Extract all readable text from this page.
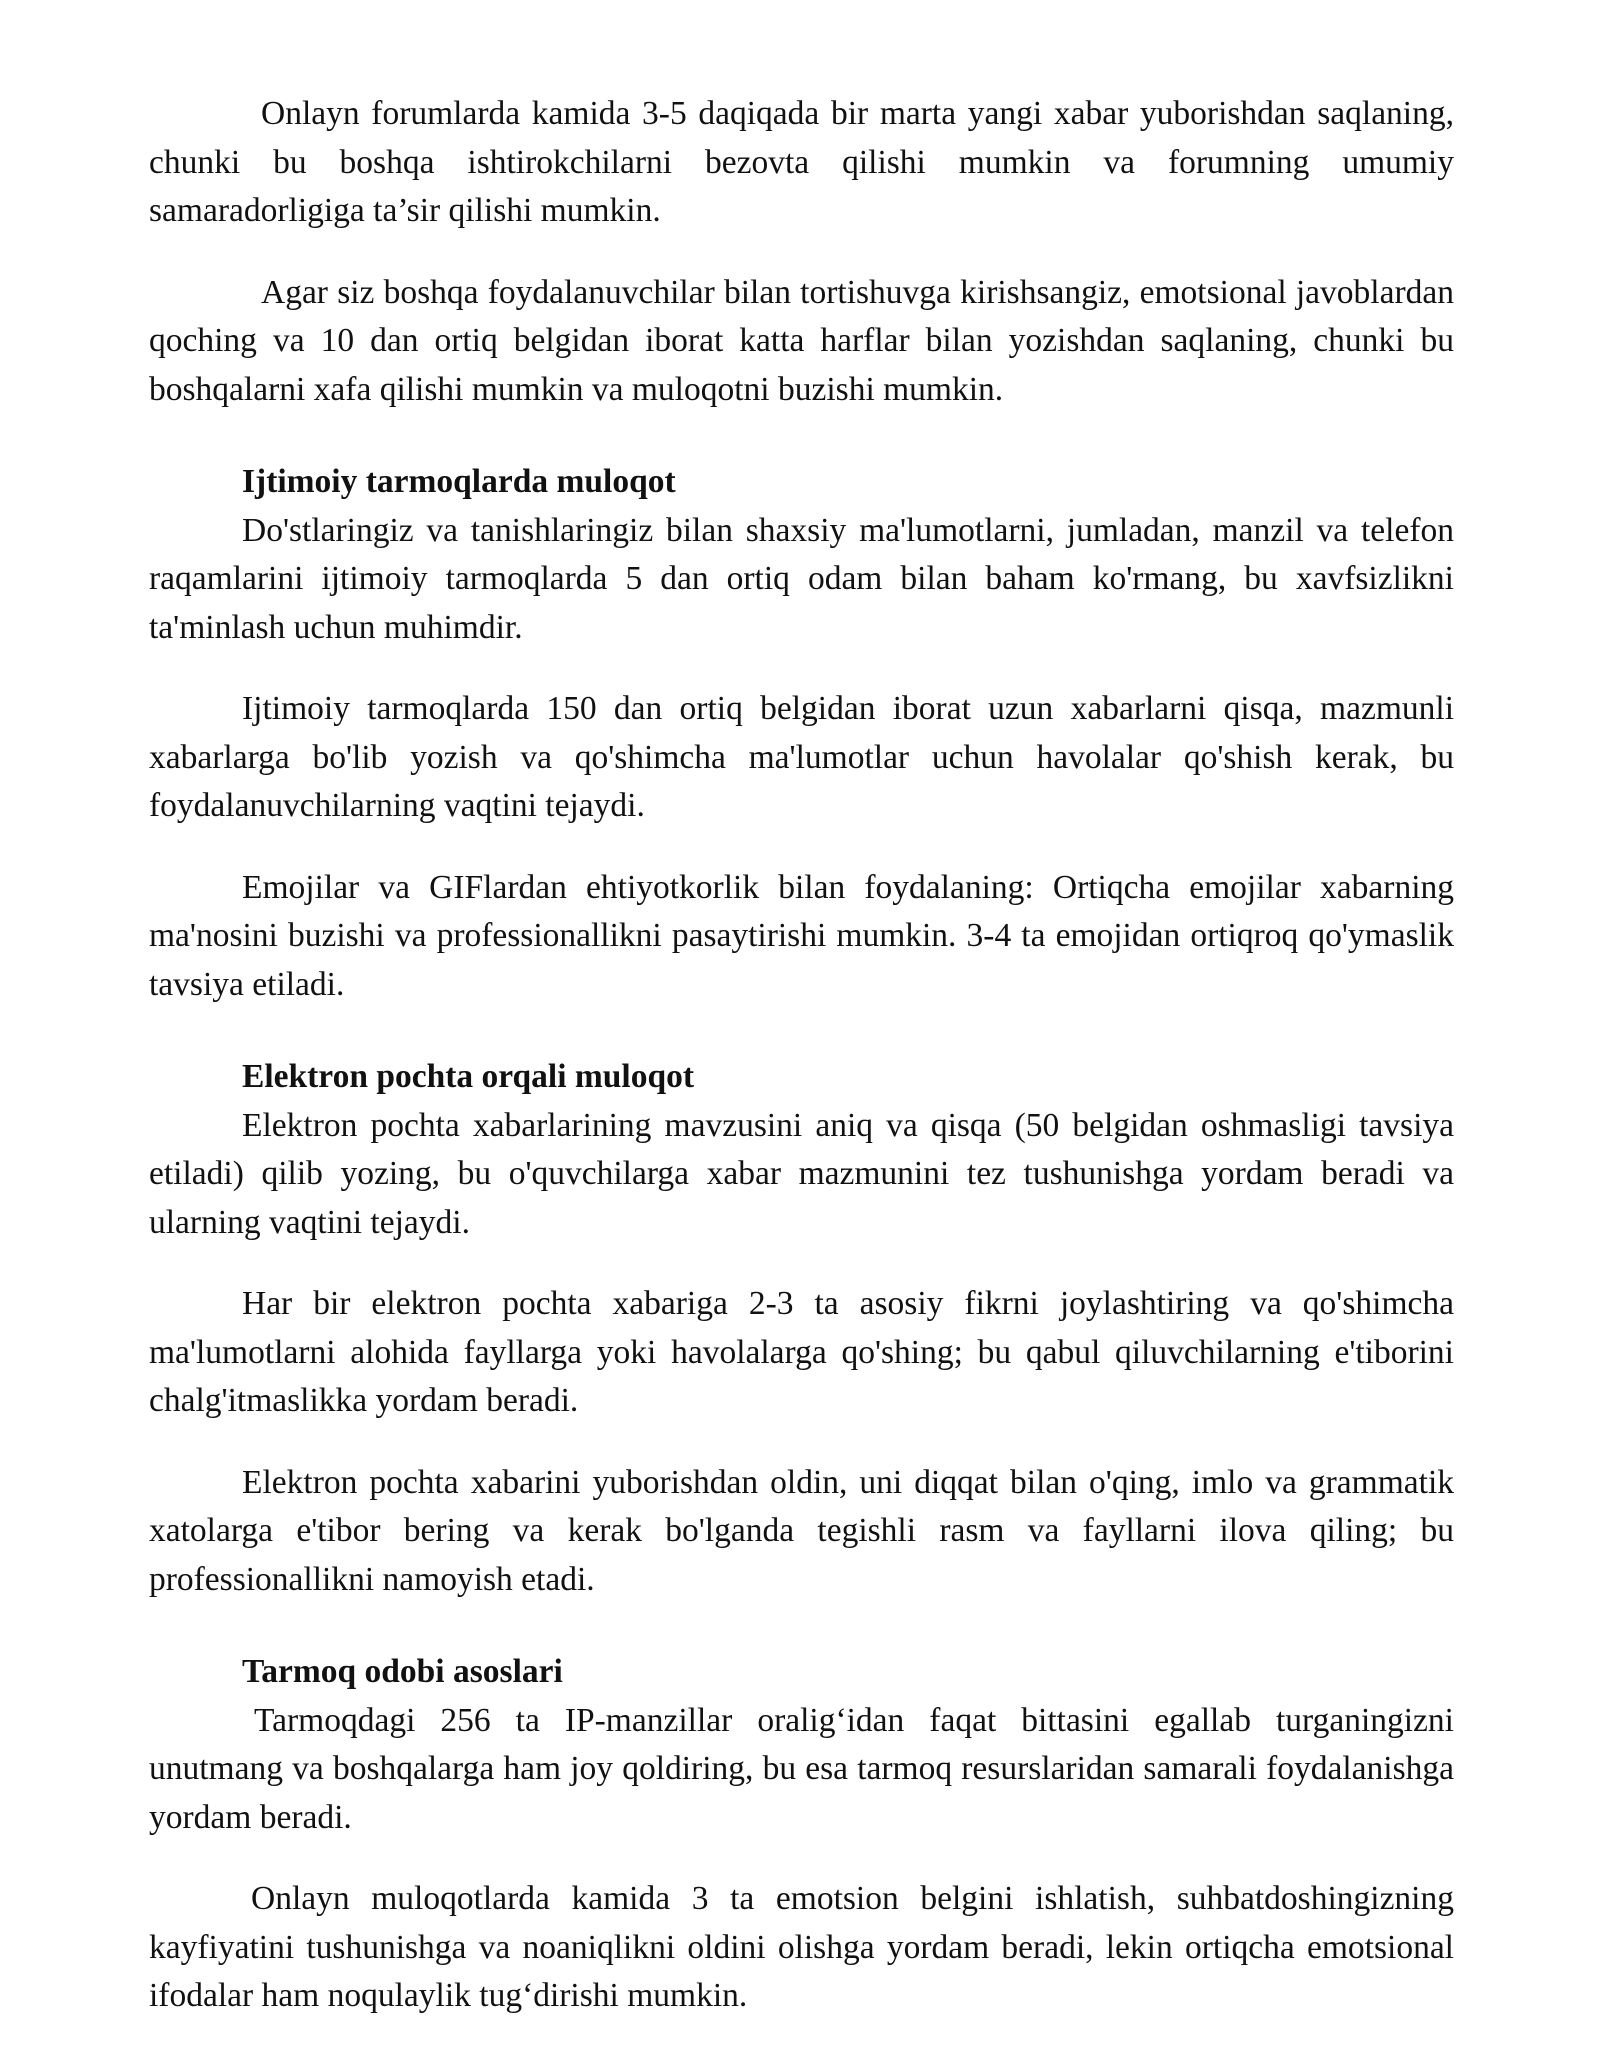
Onlayn forumlarda kamida 3-5 daqiqada bir marta yangi xabar yuborishdan saqlaning, chunki bu boshqa ishtirokchilarni bezovta qilishi mumkin va forumning umumiy samaradorligiga ta’sir qilishi mumkin.

Agar siz boshqa foydalanuvchilar bilan tortishuvga kirishsangiz, emotsional javoblardan qoching va 10 dan ortiq belgidan iborat katta harflar bilan yozishdan saqlaning, chunki bu boshqalarni xafa qilishi mumkin va muloqotni buzishi mumkin.

Ijtimoiy tarmoqlarda muloqot

Do'stlaringiz va tanishlaringiz bilan shaxsiy ma'lumotlarni, jumladan, manzil va telefon raqamlarini ijtimoiy tarmoqlarda 5 dan ortiq odam bilan baham ko'rmang, bu xavfsizlikni ta'minlash uchun muhimdir.

Ijtimoiy tarmoqlarda 150 dan ortiq belgidan iborat uzun xabarlarni qisqa, mazmunli xabarlarga bo'lib yozish va qo'shimcha ma'lumotlar uchun havolalar qo'shish kerak, bu foydalanuvchilarning vaqtini tejaydi.

Emojilar va GIFlardan ehtiyotkorlik bilan foydalaning: Ortiqcha emojilar xabarning ma'nosini buzishi va professionallikni pasaytirishi mumkin. 3-4 ta emojidan ortiqroq qo'ymaslik tavsiya etiladi.

Elektron pochta orqali muloqot

Elektron pochta xabarlarining mavzusini aniq va qisqa (50 belgidan oshmasligi tavsiya etiladi) qilib yozing, bu o'quvchilarga xabar mazmunini tez tushunishga yordam beradi va ularning vaqtini tejaydi.

Har bir elektron pochta xabariga 2-3 ta asosiy fikrni joylashtiring va qo'shimcha ma'lumotlarni alohida fayllarga yoki havolalarga qo'shing; bu qabul qiluvchilarning e'tiborini chalg'itmaslikka yordam beradi.

Elektron pochta xabarini yuborishdan oldin, uni diqqat bilan o'qing, imlo va grammatik xatolarga e'tibor bering va kerak bo'lganda tegishli rasm va fayllarni ilova qiling; bu professionallikni namoyish etadi.

Tarmoq odobi asoslari

Tarmoqdagi 256 ta IP-manzillar oralig‘idan faqat bittasini egallab turganingizni unutmang va boshqalarga ham joy qoldiring, bu esa tarmoq resurslaridan samarali foydalanishga yordam beradi.

Onlayn muloqotlarda kamida 3 ta emotsion belgini ishlatish, suhbatdoshingizning kayfiyatini tushunishga va noaniqlikni oldini olishga yordam beradi, lekin ortiqcha emotsional ifodalar ham noqulaylik tug‘dirishi mumkin.
